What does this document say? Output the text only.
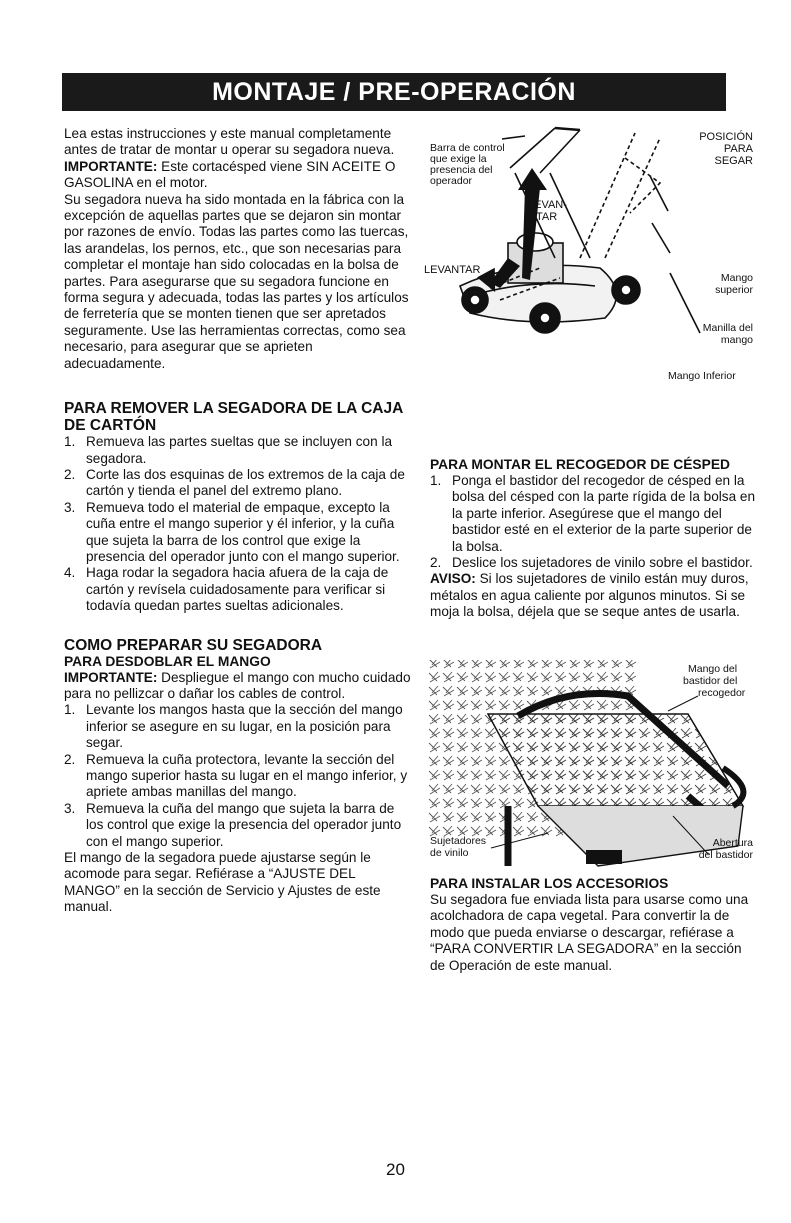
MONTAJE / PRE-OPERACIÓN

Lea estas instrucciones y este manual completamente antes de tratar de montar u operar su segadora nueva.

IMPORTANTE: Este cortacésped viene SIN ACEITE O GASOLINA en el motor.

Su segadora nueva ha sido montada en la fábrica con la excepción de aquellas partes que se dejaron sin montar por razones de envío. Todas las partes como las tuercas, las arandelas, los pernos, etc., que son necesarias para completar el montaje han sido colocadas en la bolsa de partes. Para asegurarse que su segadora funcione en forma segura y adecuada, todas las partes y los artículos de ferretería que se monten tienen que ser apretados seguramente. Use las herramientas correctas, como sea necesario, para asegurar que se aprieten adecuadamente.

PARA REMOVER LA SEGADORA DE LA CAJA DE CARTÓN
1. Remueva las partes sueltas que se incluyen con la segadora.
2. Corte las dos esquinas de los extremos de la caja de cartón y tienda el panel del extremo plano.
3. Remueva todo el material de empaque, excepto la cuña entre el mango superior y él inferior, y la cuña que sujeta la barra de los control que exige la presencia del operador junto con el mango superior.
4. Haga rodar la segadora hacia afuera de la caja de cartón y revísela cuidadosamente para verificar si todavía quedan partes sueltas adicionales.
COMO PREPARAR SU SEGADORA
PARA DESDOBLAR EL MANGO

IMPORTANTE: Despliegue el mango con mucho cuidado para no pellizcar o dañar los cables de control.

1. Levante los mangos hasta que la sección del mango inferior se asegure en su lugar, en la posición para segar.
2. Remueva la cuña protectora, levante la sección del mango superior hasta su lugar en el mango inferior, y apriete ambas manillas del mango.
3. Remueva la cuña del mango que sujeta la barra de los control que exige la presencia del operador junto con el mango superior.

El mango de la segadora puede ajustarse según le acomode para segar. Refiérase a “AJUSTE DEL MANGO” en la sección de Servicio y Ajustes de este manual.

Barra de control
que exige la
presencia del
operador
LEVAN-
TAR
LEVANTAR
POSICIÓN
PARA
SEGAR
Mango
superior
Manilla del
mango
Mango Inferior
PARA MONTAR EL RECOGEDOR DE CÉSPED
1. Ponga el bastidor del recogedor de césped en la bolsa del césped con la parte rígida de la bolsa en la parte inferior. Asegúrese que el mango del bastidor esté en el exterior de la parte superior de la bolsa.
2. Deslice los sujetadores de vinilo sobre el bastidor.

AVISO: Si los sujetadores de vinilo están muy duros, métalos en agua caliente por algunos minutos. Si se moja la bolsa, déjela que se seque antes de usarla.

Mango del
bastidor del
recogedor
Sujetadores
de vinilo
Abertura
del bastidor
PARA INSTALAR LOS ACCESORIOS

Su segadora fue enviada lista para usarse como una acolchadora de capa vegetal. Para convertir la de modo que pueda enviarse o descargar, refiérase a “PARA CONVERTIR LA SEGADORA” en la sección de Operación de este manual.

20
